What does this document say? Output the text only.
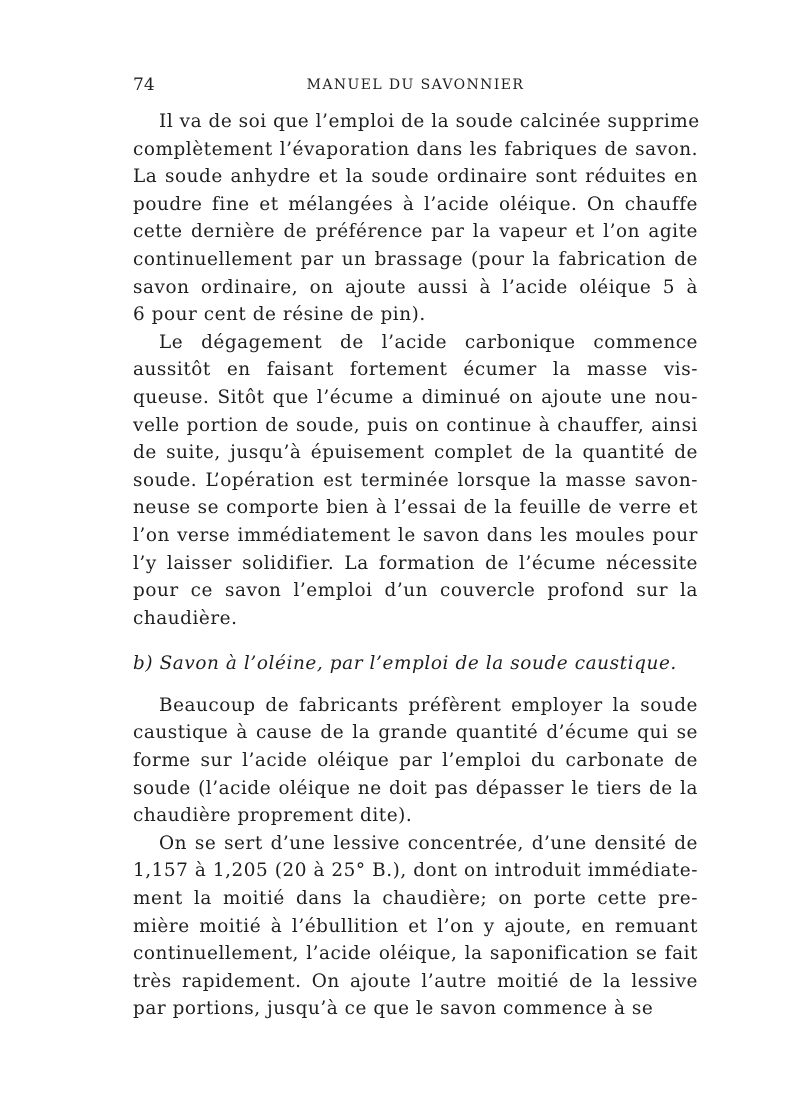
74	MANUEL DU SAVONNIER
Il va de soi que l’emploi de la soude calcinée supprime
complètement l’évaporation dans les fabriques de savon.
La soude anhydre et la soude ordinaire sont réduites en
poudre fine et mélangées à l’acide oléique. On chauffe
cette dernière de préférence par la vapeur et l’on agite
continuellement par un brassage (pour la fabrication de
savon ordinaire, on ajoute aussi à l’acide oléique 5 à
6 pour cent de résine de pin).
Le dégagement de l’acide carbonique commence
aussitôt en faisant fortement écumer la masse vis-
queuse. Sitôt que l’écume a diminué on ajoute une nou-
velle portion de soude, puis on continue à chauffer, ainsi
de suite, jusqu’à épuisement complet de la quantité de
soude. L’opération est terminée lorsque la masse savon-
neuse se comporte bien à l’essai de la feuille de verre et
l’on verse immédiatement le savon dans les moules pour
l’y laisser solidifier. La formation de l’écume nécessite
pour ce savon l’emploi d’un couvercle profond sur la
chaudière.
b) Savon à l’oléine, par l’emploi de la soude caustique.
Beaucoup de fabricants préfèrent employer la soude
caustique à cause de la grande quantité d’écume qui se
forme sur l’acide oléique par l’emploi du carbonate de
soude (l’acide oléique ne doit pas dépasser le tiers de la
chaudière proprement dite).
On se sert d’une lessive concentrée, d’une densité de
1,157 à 1,205 (20 à 25° B.), dont on introduit immédiate-
ment la moitié dans la chaudière; on porte cette pre-
mière moitié à l’ébullition et l’on y ajoute, en remuant
continuellement, l’acide oléique, la saponification se fait
très rapidement. On ajoute l’autre moitié de la lessive
par portions, jusqu’à ce que le savon commence à se
